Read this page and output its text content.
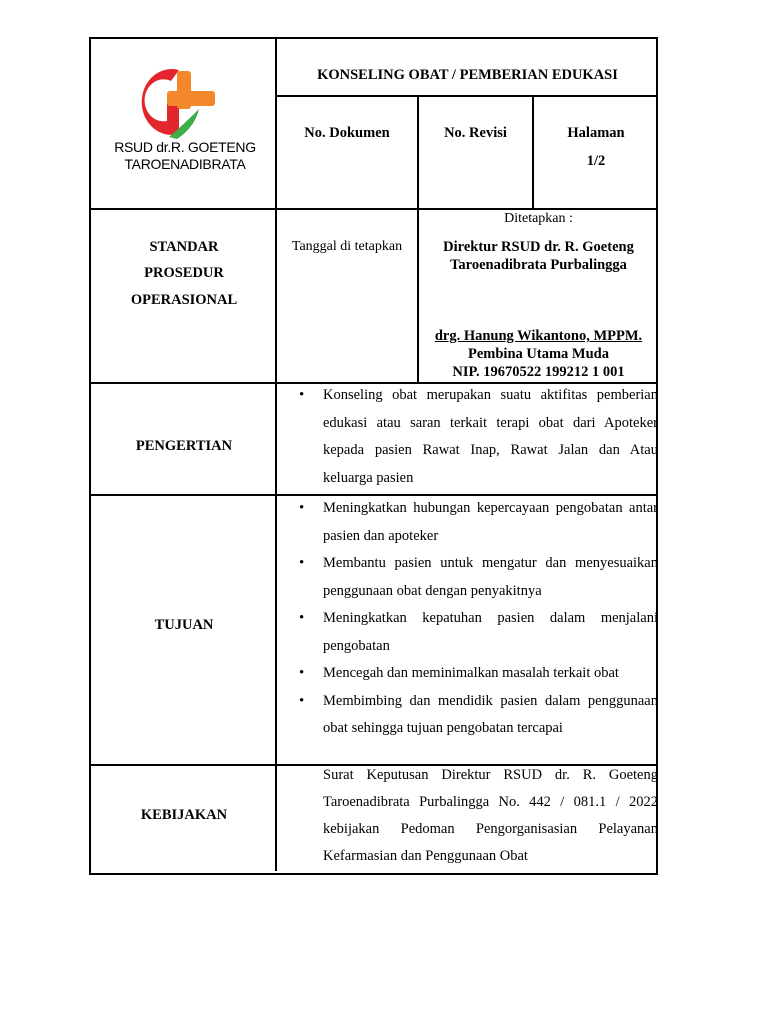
RSUD dr.R. GOETENG
TAROENADIBRATA
KONSELING OBAT / PEMBERIAN EDUKASI
No. Dokumen	No. Revisi	Halaman
1/2
STANDAR
PROSEDUR
OPERASIONAL
Tanggal di tetapkan
Ditetapkan :
Direktur RSUD dr. R. Goeteng
Taroenadibrata Purbalingga
drg. Hanung Wikantono, MPPM.
Pembina Utama Muda
NIP. 19670522 199212 1 001
PENGERTIAN
• Konseling obat merupakan suatu aktifitas pemberian edukasi atau saran terkait terapi obat dari Apoteker kepada pasien Rawat Inap, Rawat Jalan dan Atau keluarga pasien
TUJUAN
• Meningkatkan hubungan kepercayaan pengobatan antar pasien dan apoteker
• Membantu pasien untuk mengatur dan menyesuaikan penggunaan obat dengan penyakitnya
• Meningkatkan kepatuhan pasien dalam menjalani pengobatan
• Mencegah dan meminimalkan masalah terkait obat
• Membimbing dan mendidik pasien dalam penggunaan obat sehingga tujuan pengobatan tercapai
KEBIJAKAN
Surat Keputusan Direktur RSUD dr. R. Goeteng Taroenadibrata Purbalingga No. 442 / 081.1 / 2022 kebijakan Pedoman Pengorganisasian Pelayanan Kefarmasian dan Penggunaan Obat
